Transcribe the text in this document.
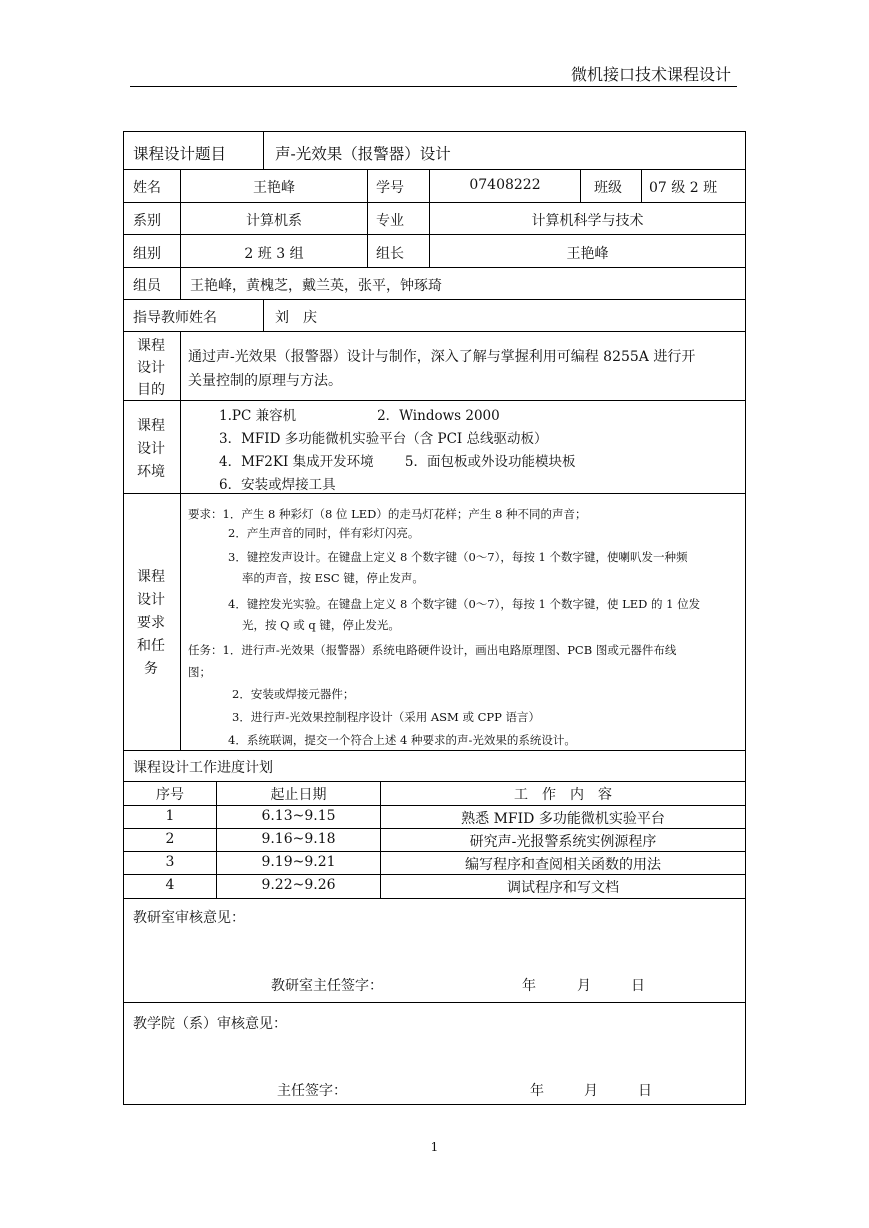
微机接口技术课程设计
课程设计题目	声-光效果（报警器）设计
姓名	王艳峰	学号	07408222	班级 07 级 2 班
系别	计算机系	专业	计算机科学与技术
组别	2 班 3 组	组长	王艳峰
组员 王艳峰，黄槐芝，戴兰英，张平，钟琢琦
指导教师姓名	刘　庆
课程
设计
目的
通过声-光效果（报警器）设计与制作，深入了解与掌握利用可编程 8255A 进行开
关量控制的原理与方法。
课程
设计
环境
1.PC 兼容机　　　　　　2．Windows 2000
3．MFID 多功能微机实验平台（含 PCI 总线驱动板）
4．MF2KI 集成开发环境　　 5．面包板或外设功能模块板
6．安装或焊接工具
课程
设计
要求
和任
务
要求：1．产生 8 种彩灯（8 位 LED）的走马灯花样；产生 8 种不同的声音；
2．产生声音的同时，伴有彩灯闪亮。
3．键控发声设计。在键盘上定义 8 个数字键（0～7），每按 1 个数字键，使喇叭发一种频
率的声音，按 ESC 键，停止发声。
4．键控发光实验。在键盘上定义 8 个数字键（0～7），每按 1 个数字键，使 LED 的 1 位发
光，按 Q 或 q 键，停止发光。
任务：1．进行声-光效果（报警器）系统电路硬件设计，画出电路原理图、PCB 图或元器件布线
图；
2．安装或焊接元器件；
3．进行声-光效果控制程序设计（采用 ASM 或 CPP 语言）
4．系统联调，提交一个符合上述 4 种要求的声-光效果的系统设计。
课程设计工作进度计划
序号	起止日期	工　作　内　容
1	6.13~9.15	熟悉 MFID 多功能微机实验平台
2	9.16~9.18	研究声-光报警系统实例源程序
3	9.19~9.21	编写程序和查阅相关函数的用法
4	9.22~9.26	调试程序和写文档
教研室审核意见：
教研室主任签字：	年	月	日
教学院（系）审核意见：
主任签字：	年	月	日
1
